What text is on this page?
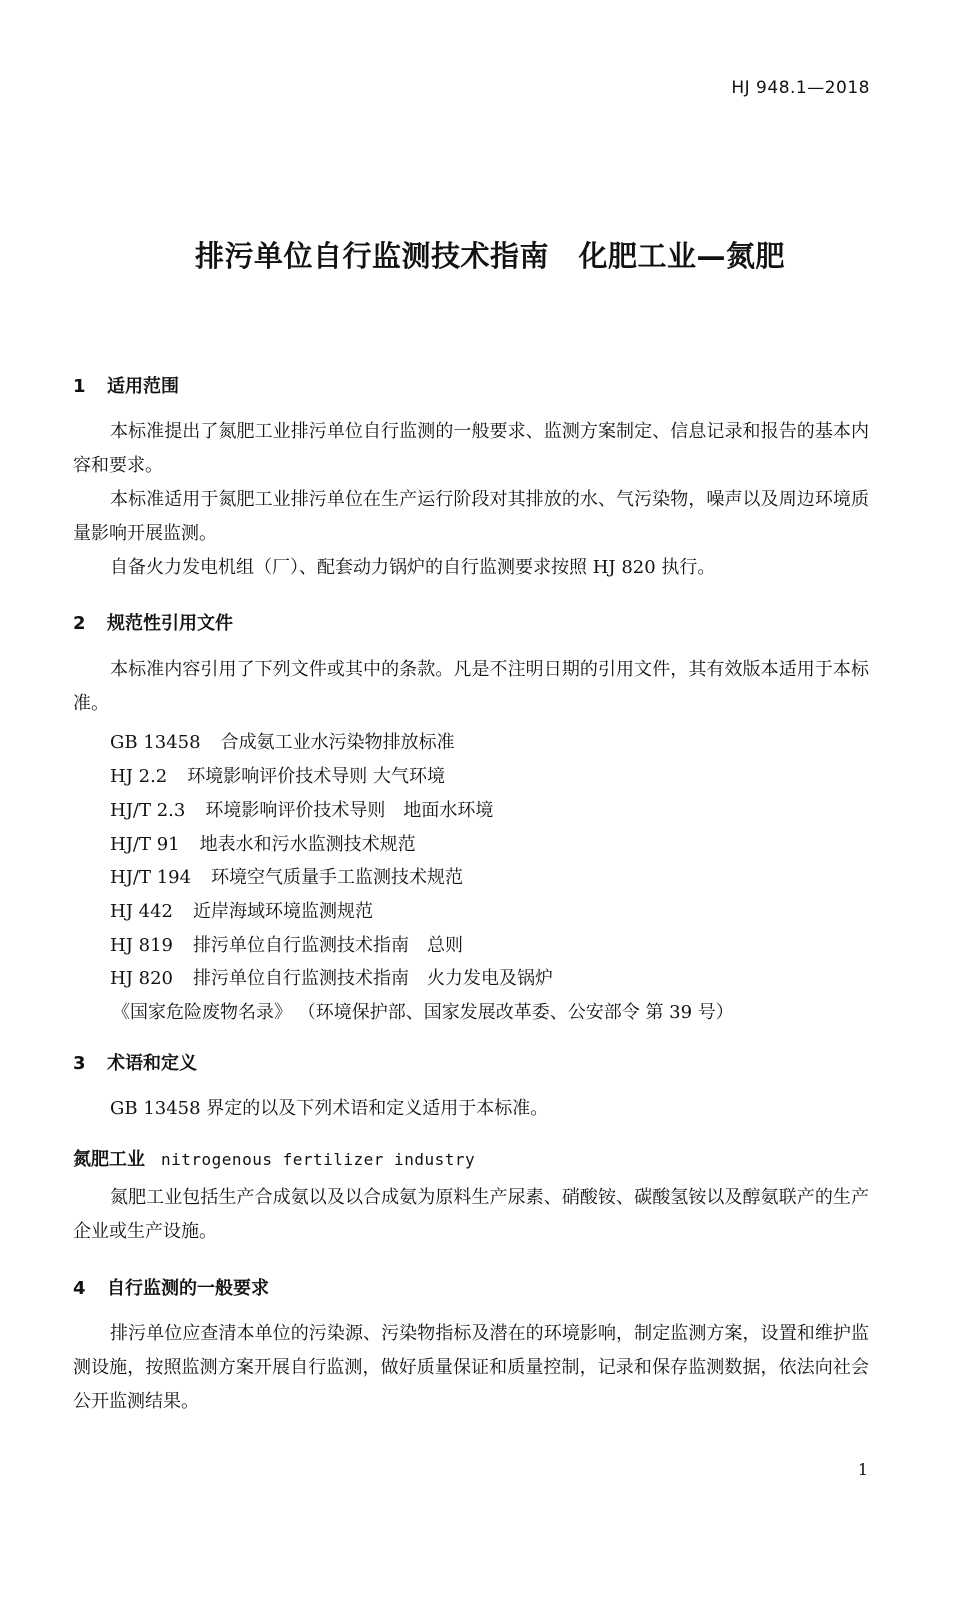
HJ 948.1—2018
排污单位自行监测技术指南　化肥工业—氮肥
1 适用范围
本标准提出了氮肥工业排污单位自行监测的一般要求、监测方案制定、信息记录和报告的基本内容和要求。
本标准适用于氮肥工业排污单位在生产运行阶段对其排放的水、气污染物，噪声以及周边环境质量影响开展监测。
自备火力发电机组（厂）、配套动力锅炉的自行监测要求按照 HJ 820 执行。
2 规范性引用文件
本标准内容引用了下列文件或其中的条款。凡是不注明日期的引用文件，其有效版本适用于本标准。
GB 13458 合成氨工业水污染物排放标准
HJ 2.2 环境影响评价技术导则 大气环境
HJ/T 2.3 环境影响评价技术导则　地面水环境
HJ/T 91 地表水和污水监测技术规范
HJ/T 194 环境空气质量手工监测技术规范
HJ 442 近岸海域环境监测规范
HJ 819 排污单位自行监测技术指南　总则
HJ 820 排污单位自行监测技术指南　火力发电及锅炉
《国家危险废物名录》 （环境保护部、国家发展改革委、公安部令 第 39 号）
3 术语和定义
GB 13458 界定的以及下列术语和定义适用于本标准。
氮肥工业 nitrogenous fertilizer industry
氮肥工业包括生产合成氨以及以合成氨为原料生产尿素、硝酸铵、碳酸氢铵以及醇氨联产的生产企业或生产设施。
4 自行监测的一般要求
排污单位应查清本单位的污染源、污染物指标及潜在的环境影响，制定监测方案，设置和维护监测设施，按照监测方案开展自行监测，做好质量保证和质量控制，记录和保存监测数据，依法向社会公开监测结果。
1
